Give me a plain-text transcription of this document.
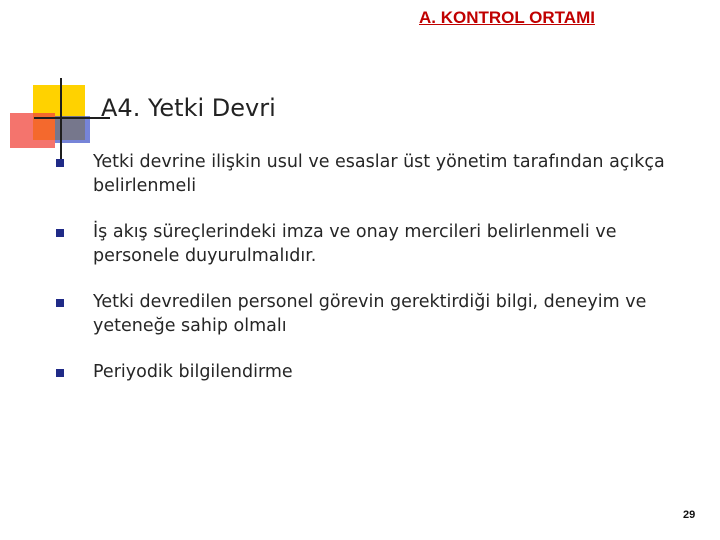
A. KONTROL ORTAMI
A4. Yetki Devri
Yetki devrine ilişkin usul ve esaslar üst yönetim tarafından açıkça belirlenmeli
İş akış süreçlerindeki imza ve onay mercileri belirlenmeli ve personele duyurulmalıdır.
Yetki devredilen personel görevin gerektirdiği bilgi, deneyim ve yeteneğe sahip olmalı
Periyodik bilgilendirme
29
